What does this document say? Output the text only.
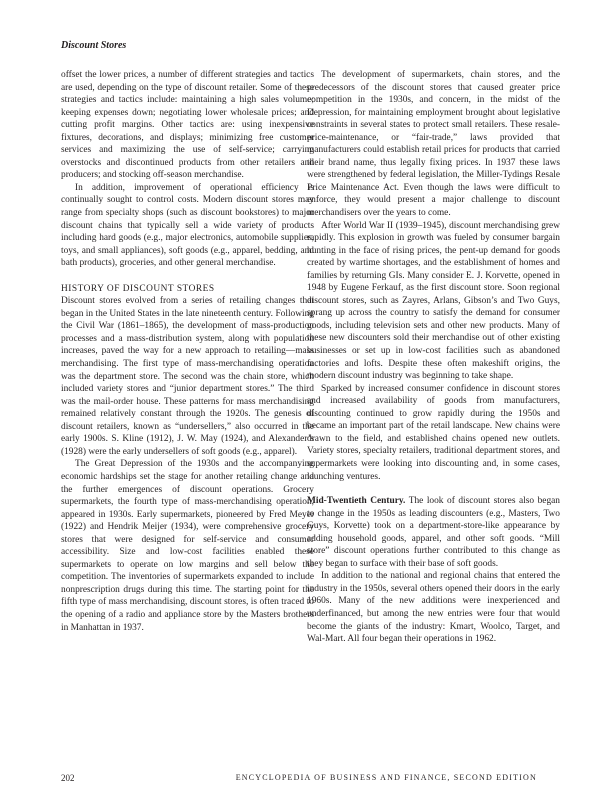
Discount Stores

offset the lower prices, a number of different strategies and tactics are used, depending on the type of discount retailer. Some of these strategies and tactics include: maintaining a high sales volume; keeping expenses down; negotiating lower wholesale prices; and cutting profit margins. Other tactics are: using inexpensive fixtures, decorations, and displays; minimizing free customer services and maximizing the use of self-service; carrying overstocks and discontinued products from other retailers and producers; and stocking off-season merchandise.

In addition, improvement of operational efficiency is continually sought to control costs. Modern discount stores may range from specialty shops (such as discount bookstores) to major discount chains that typically sell a wide variety of products including hard goods (e.g., major electronics, automobile supplies, toys, and small appliances), soft goods (e.g., apparel, bedding, and bath products), groceries, and other general merchandise.

HISTORY OF DISCOUNT STORES

Discount stores evolved from a series of retailing changes that began in the United States in the late nineteenth century. Following the Civil War (1861–1865), the development of mass-production processes and a mass-distribution system, along with population increases, paved the way for a new approach to retailing—mass merchandising. The first type of mass-merchandising operation was the department store. The second was the chain store, which included variety stores and “junior department stores.” The third was the mail-order house. These patterns for mass merchandising remained relatively constant through the 1920s. The genesis of discount retailers, known as “undersellers,” also occurred in the early 1900s. S. Kline (1912), J. W. May (1924), and Alexander’s (1928) were the early undersellers of soft goods (e.g., apparel).

The Great Depression of the 1930s and the accompanying economic hardships set the stage for another retailing change and the further emergences of discount operations. Grocery supermarkets, the fourth type of mass-merchandising operation, appeared in 1930s. Early supermarkets, pioneered by Fred Meyer (1922) and Hendrik Meijer (1934), were comprehensive grocery stores that were designed for self-service and consumer accessibility. Size and low-cost facilities enabled these supermarkets to operate on low margins and sell below the competition. The inventories of supermarkets expanded to include nonprescription drugs during this time. The starting point for the fifth type of mass merchandising, discount stores, is often traced to the opening of a radio and appliance store by the Masters brothers in Manhattan in 1937.

The development of supermarkets, chain stores, and the predecessors of the discount stores that caused greater price competition in the 1930s, and concern, in the midst of the Depression, for maintaining employment brought about legislative constraints in several states to protect small retailers. These resale-price-maintenance, or “fair-trade,” laws provided that manufacturers could establish retail prices for products that carried their brand name, thus legally fixing prices. In 1937 these laws were strengthened by federal legislation, the Miller-Tydings Resale Price Maintenance Act. Even though the laws were difficult to enforce, they would present a major challenge to discount merchandisers over the years to come.

After World War II (1939–1945), discount merchandising grew rapidly. This explosion in growth was fueled by consumer bargain hunting in the face of rising prices, the pent-up demand for goods created by wartime shortages, and the establishment of homes and families by returning GIs. Many consider E. J. Korvette, opened in 1948 by Eugene Ferkauf, as the first discount store. Soon regional discount stores, such as Zayres, Arlans, Gibson’s and Two Guys, sprang up across the country to satisfy the demand for consumer goods, including television sets and other new products. Many of these new discounters sold their merchandise out of other existing businesses or set up in low-cost facilities such as abandoned factories and lofts. Despite these often makeshift origins, the modern discount industry was beginning to take shape.

Sparked by increased consumer confidence in discount stores and increased availability of goods from manufacturers, discounting continued to grow rapidly during the 1950s and became an important part of the retail landscape. New chains were drawn to the field, and established chains opened new outlets. Variety stores, specialty retailers, traditional department stores, and supermarkets were looking into discounting and, in some cases, launching ventures.

Mid-Twentieth Century. The look of discount stores also began to change in the 1950s as leading discounters (e.g., Masters, Two Guys, Korvette) took on a department-store-like appearance by adding household goods, apparel, and other soft goods. “Mill store” discount operations further contributed to this change as they began to surface with their base of soft goods.

In addition to the national and regional chains that entered the industry in the 1950s, several others opened their doors in the early 1960s. Many of the new additions were inexperienced and underfinanced, but among the new entries were four that would become the giants of the industry: Kmart, Woolco, Target, and Wal-Mart. All four began their operations in 1962.

202	ENCYCLOPEDIA OF BUSINESS AND FINANCE, SECOND EDITION
